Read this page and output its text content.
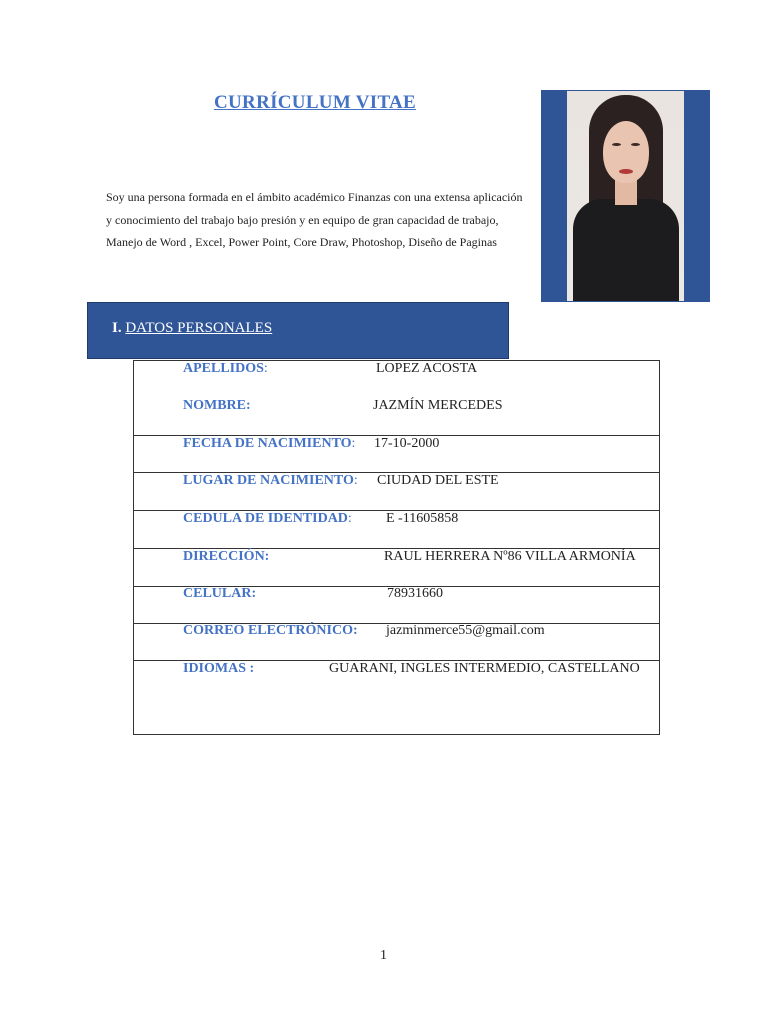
CURRÍCULUM VITAE
Soy una persona formada en el ámbito académico Finanzas con una extensa aplicación y conocimiento del trabajo bajo presión y en equipo de gran capacidad de trabajo, Manejo de Word , Excel, Power Point, Core Draw, Photoshop, Diseño de Paginas
I. DATOS PERSONALES
APELLIDOS:	LOPEZ ACOSTA
NOMBRE:	JAZMÍN MERCEDES
FECHA DE NACIMIENTO: 17-10-2000
LUGAR DE NACIMIENTO: CIUDAD DEL ESTE
CEDULA DE IDENTIDAD: E -11605858
DIRECCIÓN:	RAUL HERRERA Nº86 VILLA ARMONÍA
CELULAR:	78931660
CORREO ELECTRÓNICO: jazminmerce55@gmail.com
IDIOMAS :	GUARANI, INGLES INTERMEDIO, CASTELLANO
1
